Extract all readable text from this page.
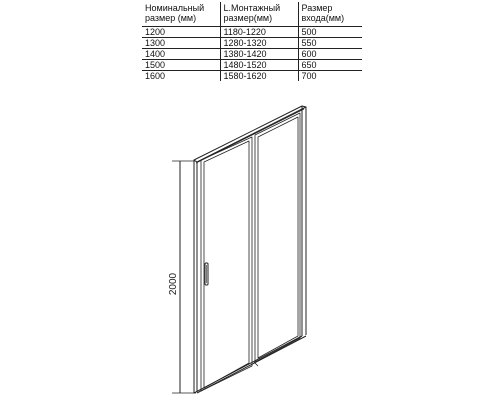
Номинальный размер (мм)	L.Монтажный размер(мм)	Размер входа(мм)
1200	1180-1220	500
1300	1280-1320	550
1400	1380-1420	600
1500	1480-1520	650
1600	1580-1620	700
2000
